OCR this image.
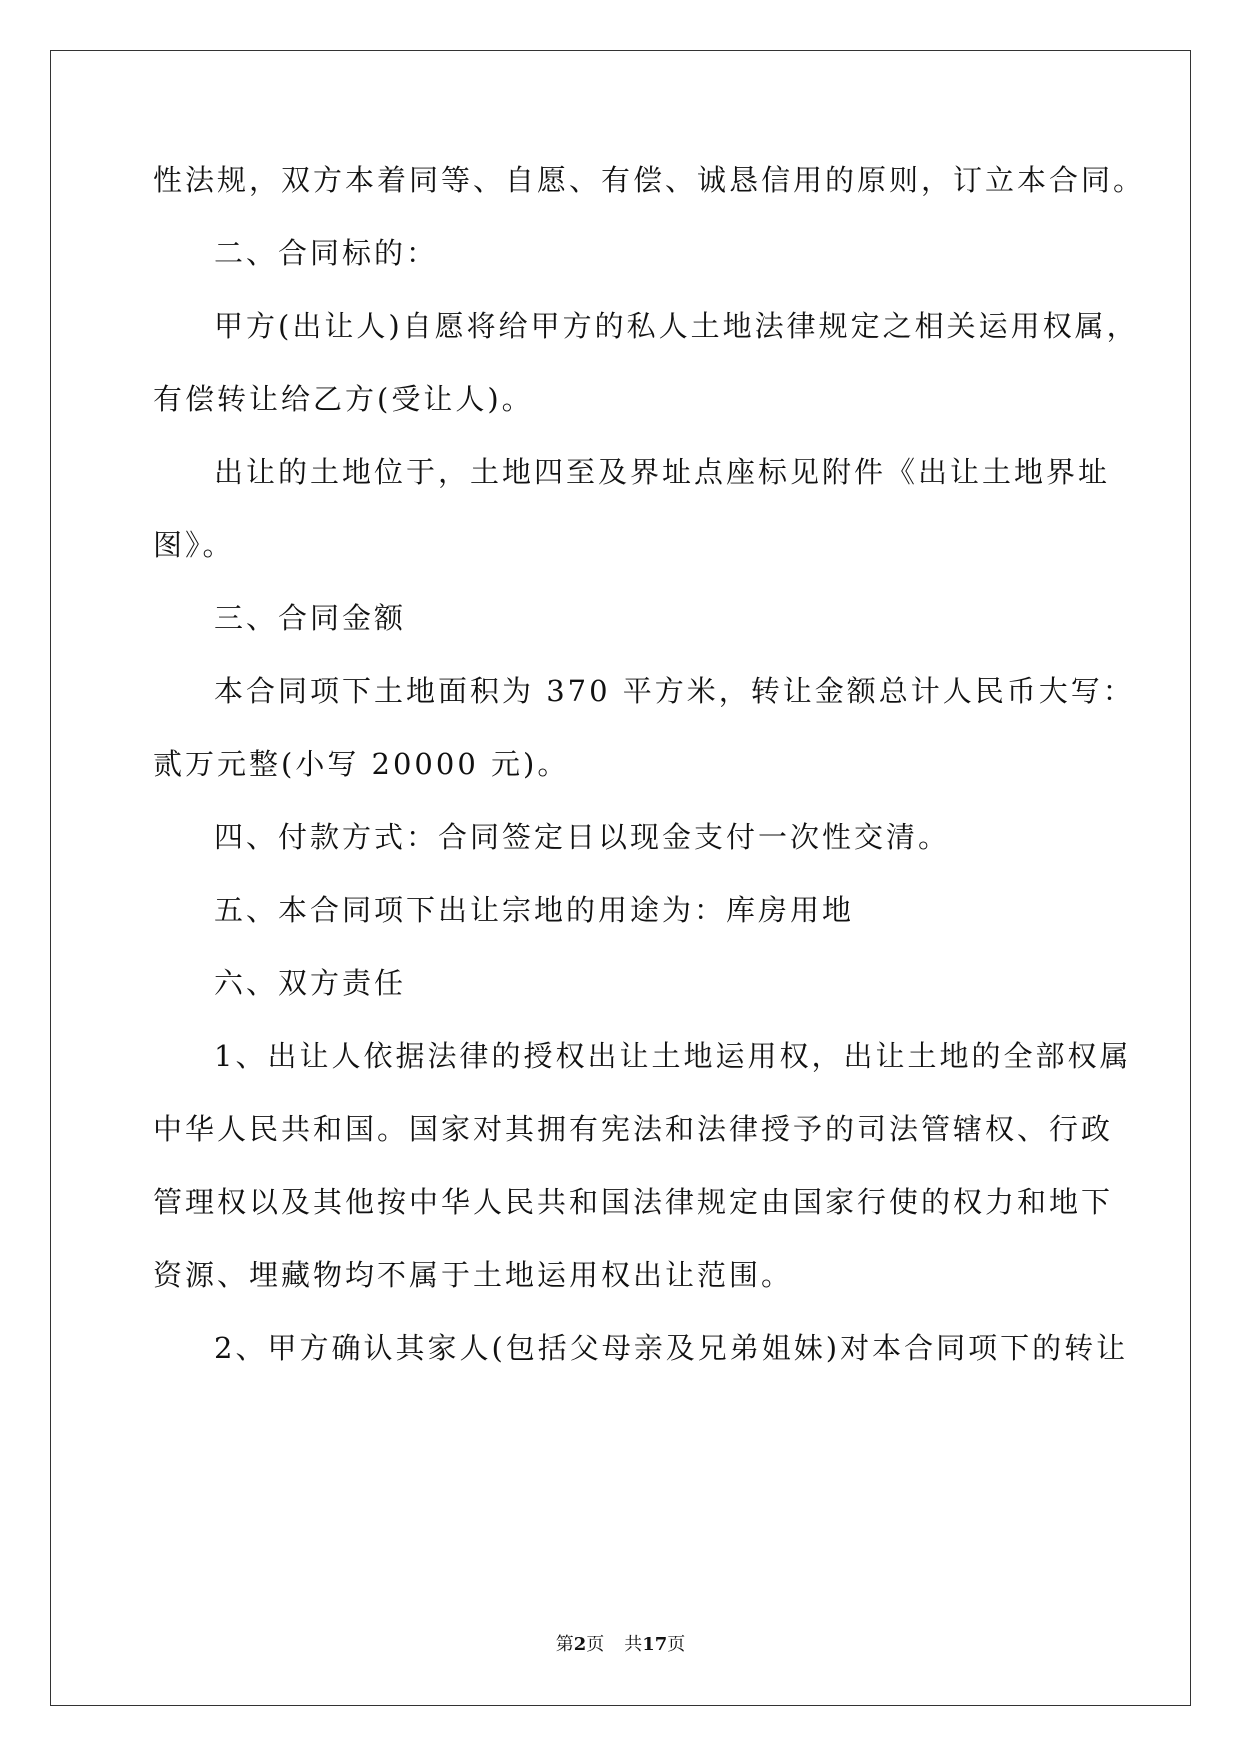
性法规，双方本着同等、自愿、有偿、诚恳信用的原则，订立本合同。
二、合同标的：
甲方(出让人)自愿将给甲方的私人土地法律规定之相关运用权属，
有偿转让给乙方(受让人)。
出让的土地位于，土地四至及界址点座标见附件《出让土地界址
图》。
三、合同金额
本合同项下土地面积为 370 平方米，转让金额总计人民币大写：
贰万元整(小写 20000 元)。
四、付款方式：合同签定日以现金支付一次性交清。
五、本合同项下出让宗地的用途为：库房用地
六、双方责任
1、出让人依据法律的授权出让土地运用权，出让土地的全部权属
中华人民共和国。国家对其拥有宪法和法律授予的司法管辖权、行政
管理权以及其他按中华人民共和国法律规定由国家行使的权力和地下
资源、埋藏物均不属于土地运用权出让范围。
2、甲方确认其家人(包括父母亲及兄弟姐妹)对本合同项下的转让
第2页 共17页
